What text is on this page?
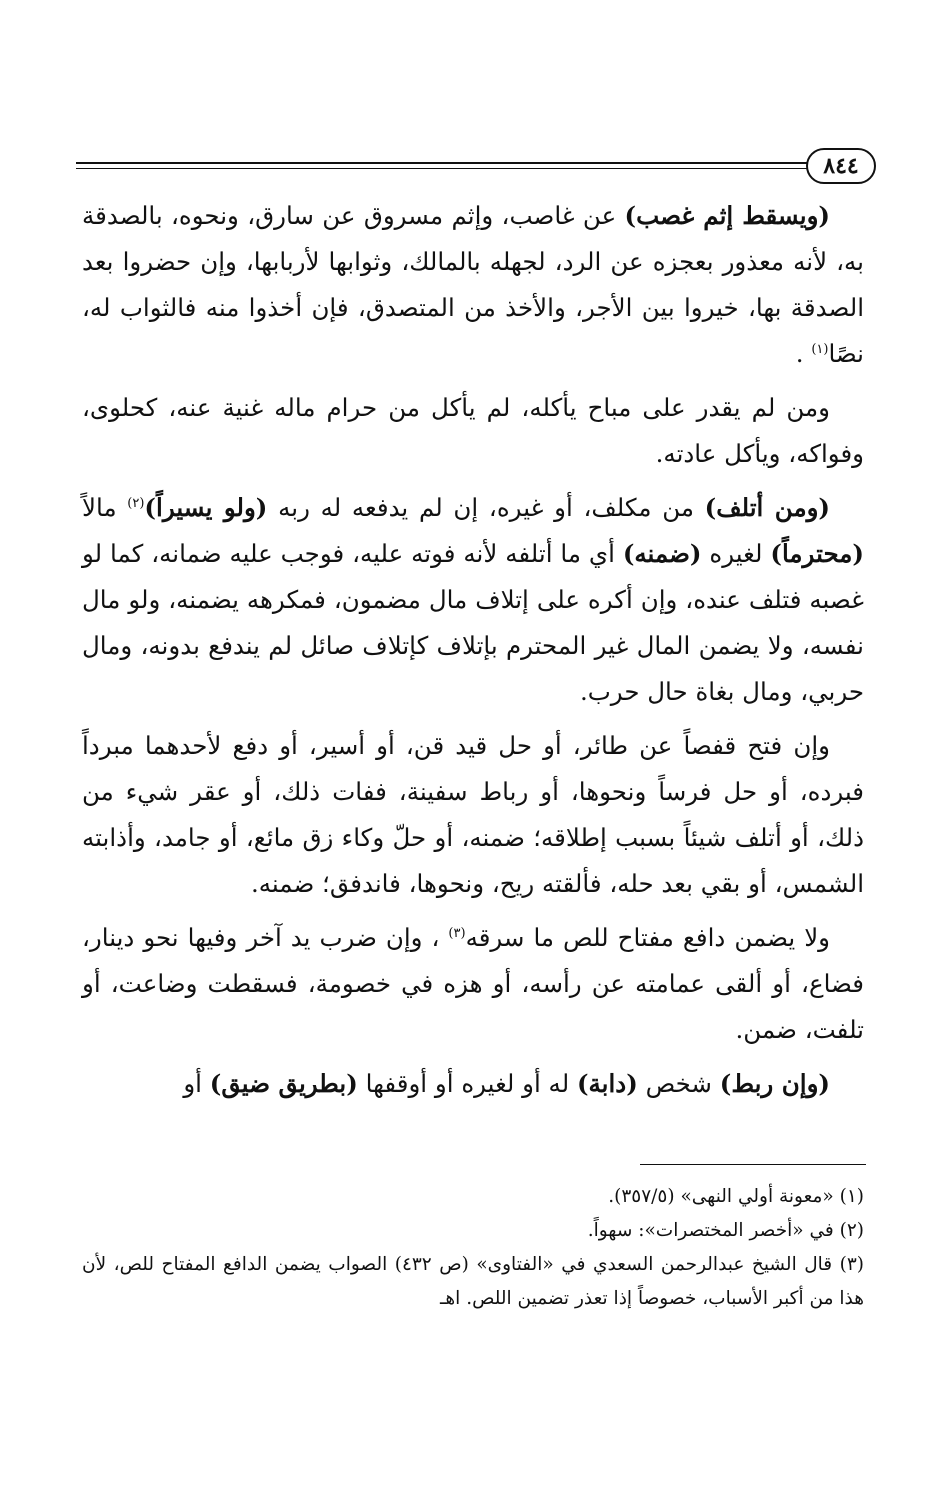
٨٤٤

(ويسقط إثم غصب) عن غاصب، وإثم مسروق عن سارق، ونحوه، بالصدقة به، لأنه معذور بعجزه عن الرد، لجهله بالمالك، وثوابها لأربابها، وإن حضروا بعد الصدقة بها، خيروا بين الأجر، والأخذ من المتصدق، فإن أخذوا منه فالثواب له، نصًا$^{(١)}$ .

ومن لم يقدر على مباح يأكله، لم يأكل من حرام ماله غنية عنه، كحلوى، وفواكه، ويأكل عادته.

(ومن أتلف) من مكلف، أو غيره، إن لم يدفعه له ربه (ولو يسيراً)$^{(٢)}$ مالاً (محترماً) لغيره (ضمنه) أي ما أتلفه لأنه فوته عليه، فوجب عليه ضمانه، كما لو غصبه فتلف عنده، وإن أكره على إتلاف مال مضمون، فمكرهه يضمنه، ولو مال نفسه، ولا يضمن المال غير المحترم بإتلاف كإتلاف صائل لم يندفع بدونه، ومال حربي، ومال بغاة حال حرب.

وإن فتح قفصاً عن طائر، أو حل قيد قن، أو أسير، أو دفع لأحدهما مبرداً فبرده، أو حل فرساً ونحوها، أو رباط سفينة، ففات ذلك، أو عقر شيء من ذلك، أو أتلف شيئاً بسبب إطلاقه؛ ضمنه، أو حلّ وكاء زق مائع، أو جامد، وأذابته الشمس، أو بقي بعد حله، فألقته ريح، ونحوها، فاندفق؛ ضمنه.

ولا يضمن دافع مفتاح للص ما سرقه$^{(٣)}$ ، وإن ضرب يد آخر وفيها نحو دينار، فضاع، أو ألقى عمامته عن رأسه، أو هزه في خصومة، فسقطت وضاعت، أو تلفت، ضمن.

(وإن ربط) شخص (دابة) له أو لغيره أو أوقفها (بطريق ضيق) أو

(١) «معونة أولي النهى» (٣٥٧/٥).

(٢) في «أخصر المختصرات»: سهواً.

(٣) قال الشيخ عبدالرحمن السعدي في «الفتاوى» (ص ٤٣٢) الصواب يضمن الدافع المفتاح للص، لأن هذا من أكبر الأسباب، خصوصاً إذا تعذر تضمين اللص. اهـ
